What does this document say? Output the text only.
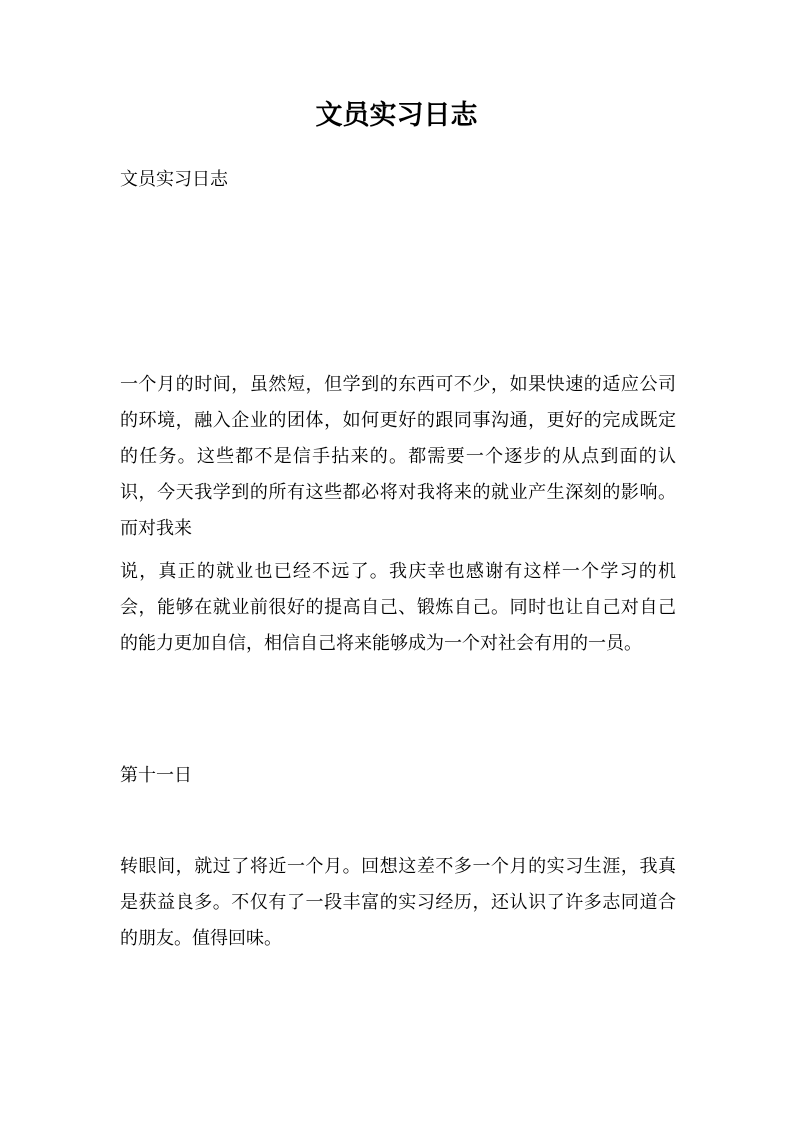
文员实习日志

文员实习日志

一个月的时间，虽然短，但学到的东西可不少，如果快速的适应公司的环境，融入企业的团体，如何更好的跟同事沟通，更好的完成既定的任务。这些都不是信手拈来的。都需要一个逐步的从点到面的认识，今天我学到的所有这些都必将对我将来的就业产生深刻的影响。而对我来

说，真正的就业也已经不远了。我庆幸也感谢有这样一个学习的机会，能够在就业前很好的提高自己、锻炼自己。同时也让自己对自己的能力更加自信，相信自己将来能够成为一个对社会有用的一员。

第十一日

转眼间，就过了将近一个月。回想这差不多一个月的实习生涯，我真是获益良多。不仅有了一段丰富的实习经历，还认识了许多志同道合的朋友。值得回味。
